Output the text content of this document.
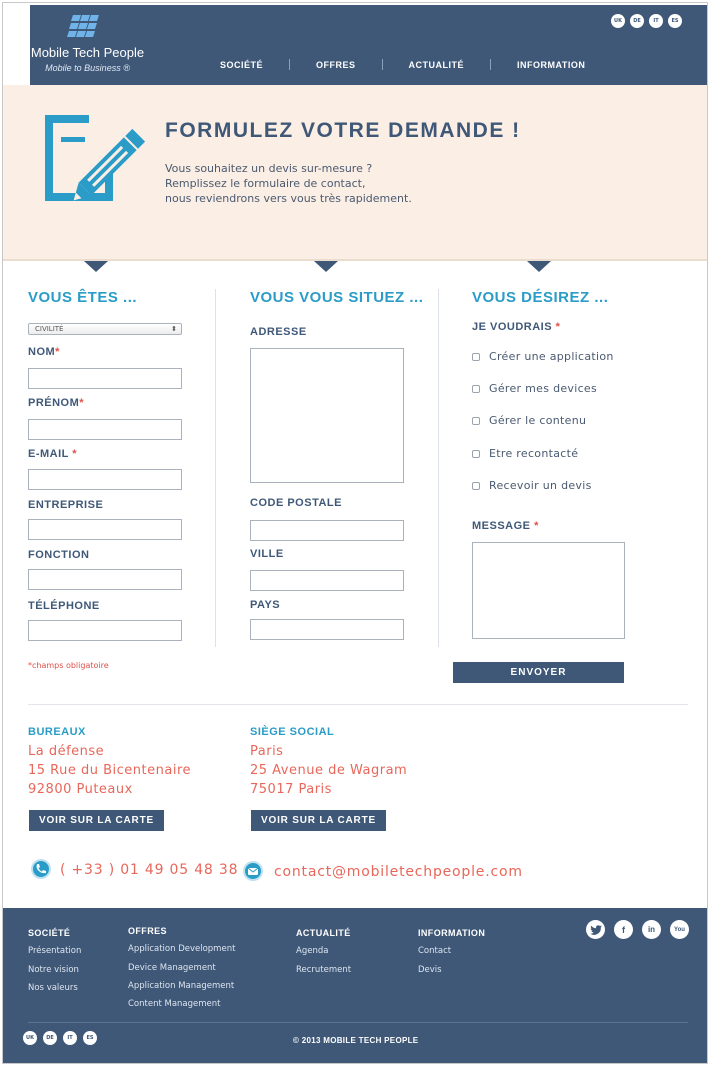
Mobile Tech People
Mobile to Business ®
UK	DE	IT	ES
SOCIÉTÉ	OFFRES	ACTUALITÉ	INFORMATION
FORMULEZ VOTRE DEMANDE !
Vous souhaitez un devis sur-mesure ?
Remplissez le formulaire de contact,
nous reviendrons vers vous très rapidement.
VOUS ÊTES ...
CIVILITÉ	⬍
NOM*
PRÉNOM*
E-MAIL *
ENTREPRISE
FONCTION
TÉLÉPHONE
*champs obligatoire
VOUS VOUS SITUEZ ...
ADRESSE
CODE POSTALE
VILLE
PAYS
VOUS DÉSIREZ ...
JE VOUDRAIS *
Créer une application
Gérer mes devices
Gérer le contenu
Etre recontacté
Recevoir un devis
MESSAGE *
ENVOYER
BUREAUX
La défense
15 Rue du Bicentenaire
92800 Puteaux
VOIR SUR LA CARTE
SIÈGE SOCIAL
Paris
25 Avenue de Wagram
75017 Paris
VOIR SUR LA CARTE
( +33 ) 01 49 05 48 38	contact@mobiletechpeople.com
SOCIÉTÉ
Présentation
Notre vision
Nos valeurs
OFFRES
Application Development
Device Management
Application Management
Content Management
ACTUALITÉ
Agenda
Recrutement
INFORMATION
Contact
Devis
f	in	You

UK	DE	IT	ES	© 2013 MOBILE TECH PEOPLE
